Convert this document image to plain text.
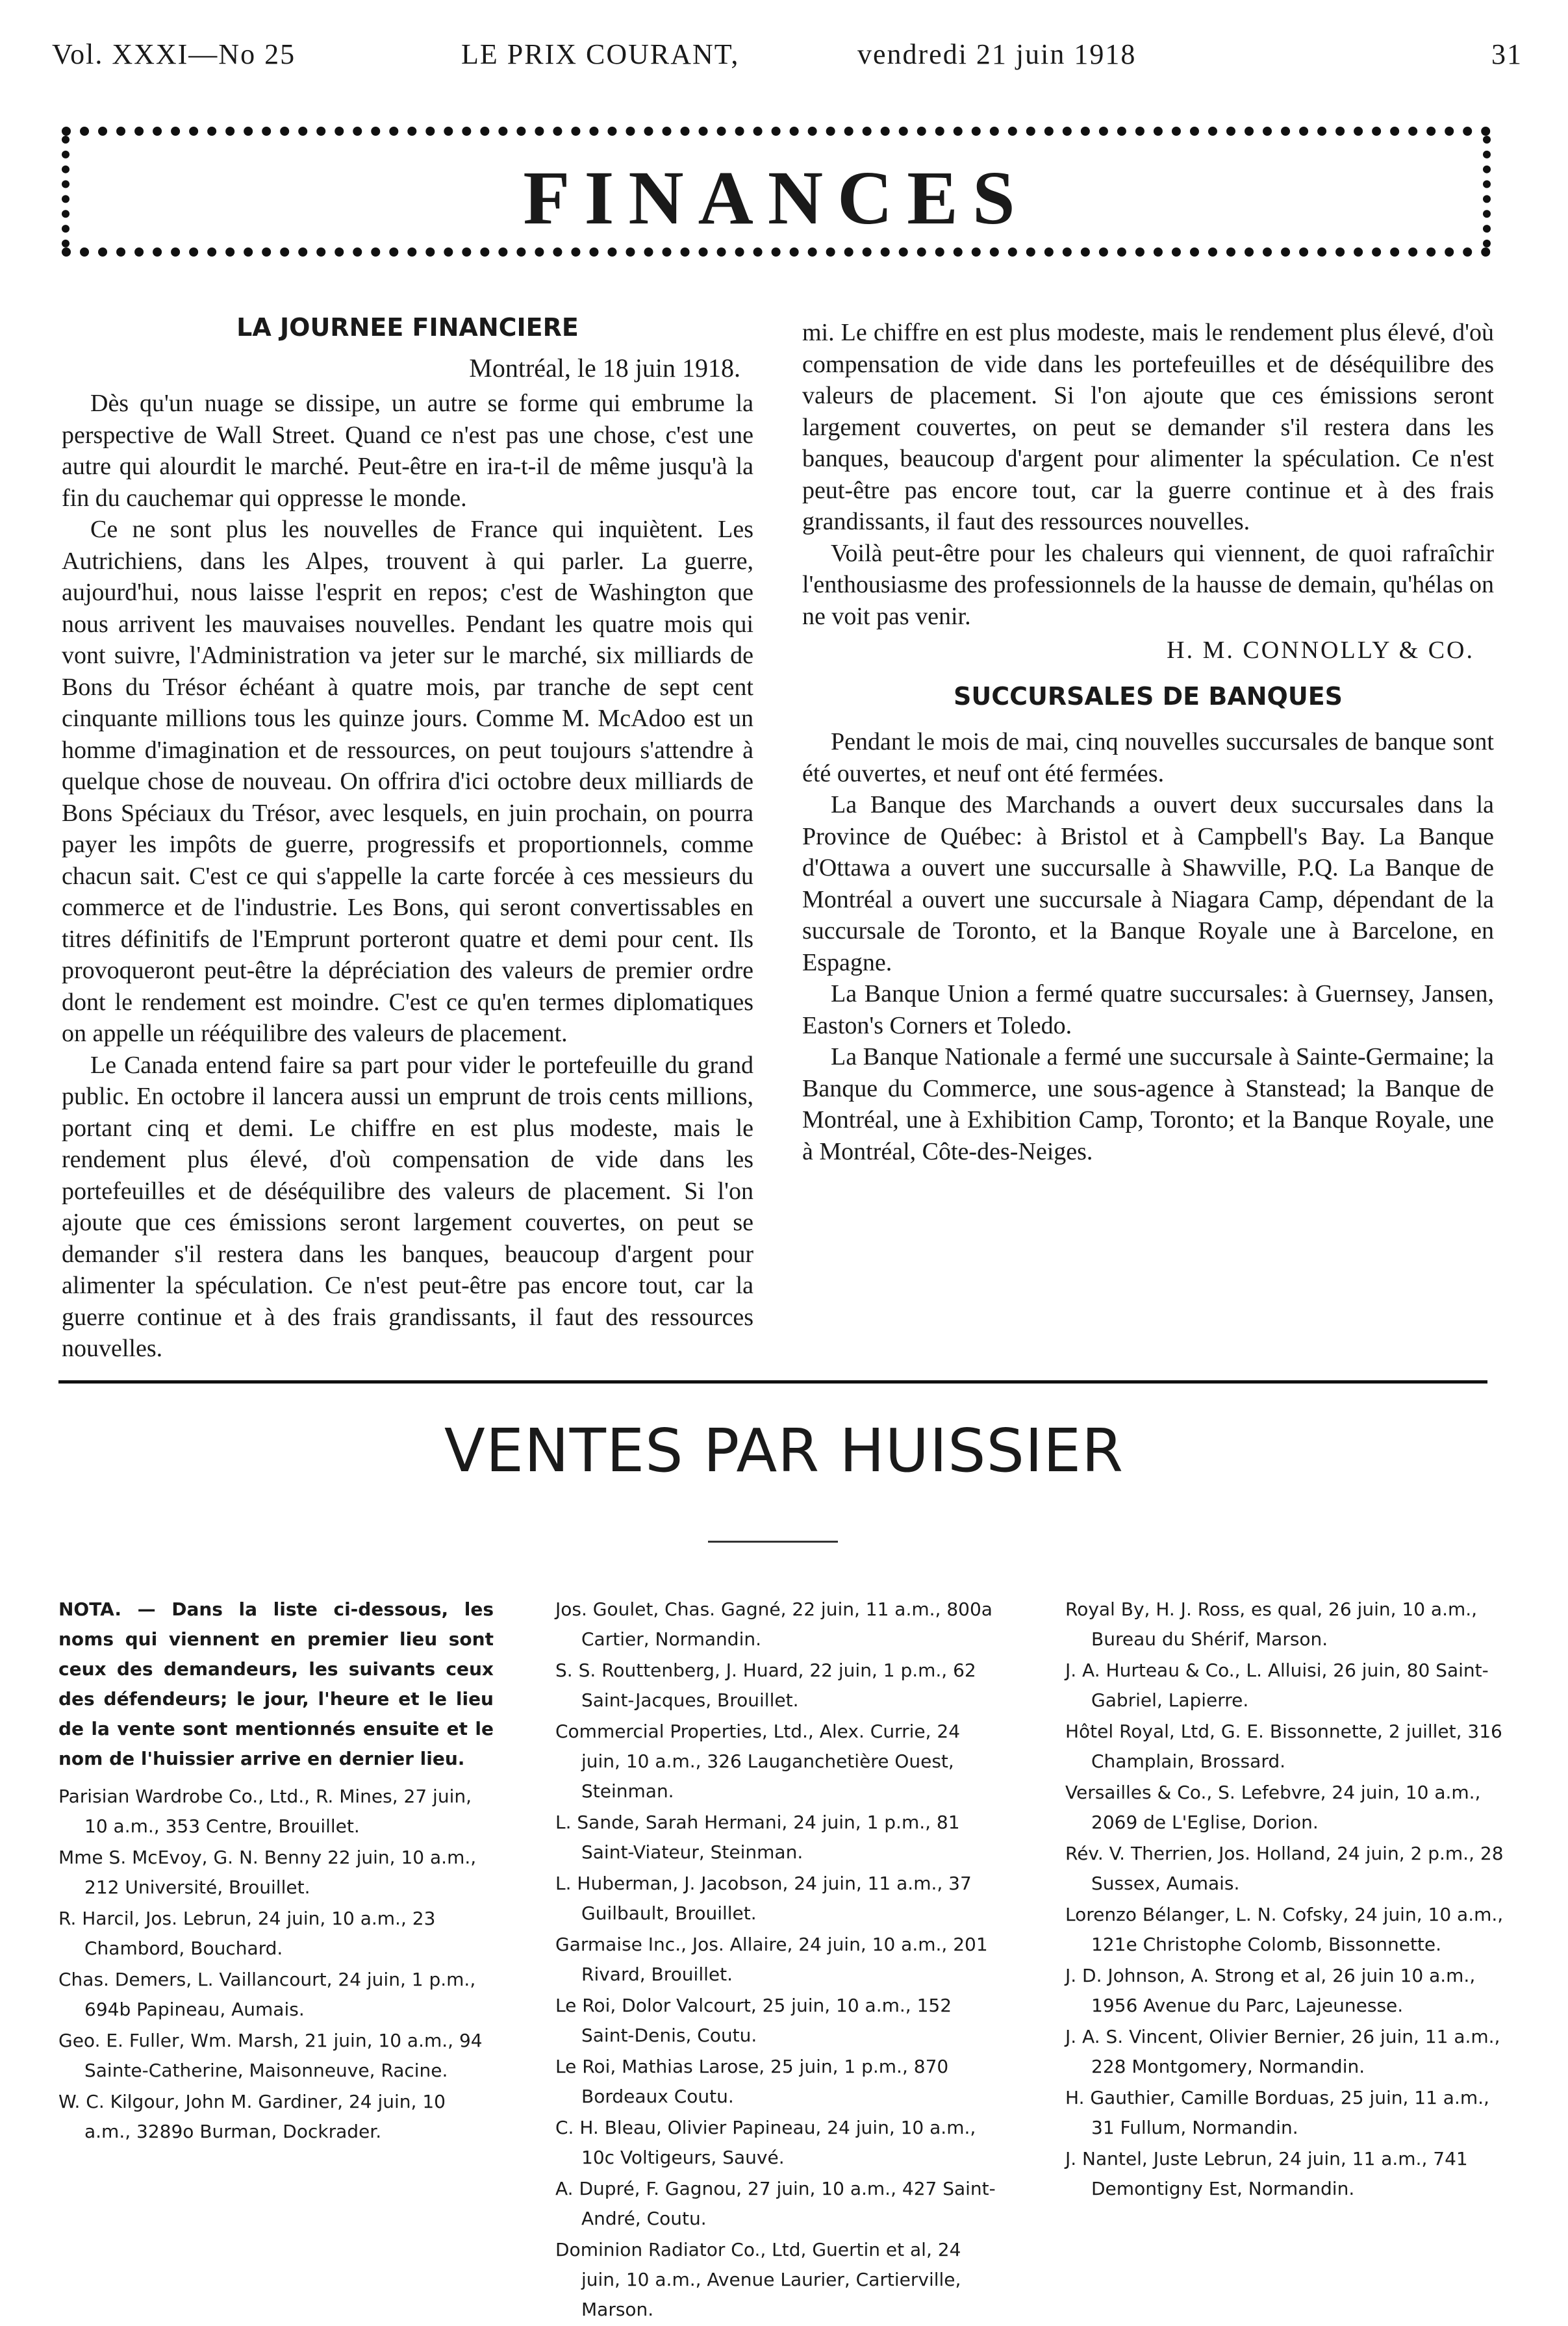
Vol. XXXI—No 25	LE PRIX COURANT,	vendredi 21 juin 1918	31
FINANCES
LA JOURNEE FINANCIERE
Montréal, le 18 juin 1918.

Dès qu'un nuage se dissipe, un autre se forme qui embrume la perspective de Wall Street. Quand ce n'est pas une chose, c'est une autre qui alourdit le marché. Peut-être en ira-t-il de même jusqu'à la fin du cauchemar qui oppresse le monde.

Ce ne sont plus les nouvelles de France qui inquiètent. Les Autrichiens, dans les Alpes, trouvent à qui parler. La guerre, aujourd'hui, nous laisse l'esprit en repos; c'est de Washington que nous arrivent les mauvaises nouvelles. Pendant les quatre mois qui vont suivre, l'Administration va jeter sur le marché, six milliards de Bons du Trésor échéant à quatre mois, par tranche de sept cent cinquante millions tous les quinze jours. Comme M. McAdoo est un homme d'imagination et de ressources, on peut toujours s'attendre à quelque chose de nouveau. On offrira d'ici octobre deux milliards de Bons Spéciaux du Trésor, avec lesquels, en juin prochain, on pourra payer les impôts de guerre, progressifs et proportionnels, comme chacun sait. C'est ce qui s'appelle la carte forcée à ces messieurs du commerce et de l'industrie. Les Bons, qui seront convertissables en titres définitifs de l'Emprunt porteront quatre et demi pour cent. Ils provoqueront peut-être la dépréciation des valeurs de premier ordre dont le rendement est moindre. C'est ce qu'en termes diplomatiques on appelle un rééquilibre des valeurs de placement.

Le Canada entend faire sa part pour vider le portefeuille du grand public. En octobre il lancera aussi un emprunt de trois cents millions, portant cinq et demi. Le chiffre en est plus modeste, mais le rendement plus élevé, d'où compensation de vide dans les portefeuilles et de déséquilibre des valeurs de placement. Si l'on ajoute que ces émissions seront largement couvertes, on peut se demander s'il restera dans les banques, beaucoup d'argent pour alimenter la spéculation. Ce n'est peut-être pas encore tout, car la guerre continue et à des frais grandissants, il faut des ressources nouvelles.

mi. Le chiffre en est plus modeste, mais le rendement plus élevé, d'où compensation de vide dans les portefeuilles et de déséquilibre des valeurs de placement. Si l'on ajoute que ces émissions seront largement couvertes, on peut se demander s'il restera dans les banques, beaucoup d'argent pour alimenter la spéculation. Ce n'est peut-être pas encore tout, car la guerre continue et à des frais grandissants, il faut des ressources nouvelles.

Voilà peut-être pour les chaleurs qui viennent, de quoi rafraîchir l'enthousiasme des professionnels de la hausse de demain, qu'hélas on ne voit pas venir.

H. M. CONNOLLY & CO.
SUCCURSALES DE BANQUES

Pendant le mois de mai, cinq nouvelles succursales de banque sont été ouvertes, et neuf ont été fermées.

La Banque des Marchands a ouvert deux succursales dans la Province de Québec: à Bristol et à Campbell's Bay. La Banque d'Ottawa a ouvert une succursalle à Shawville, P.Q. La Banque de Montréal a ouvert une succursale à Niagara Camp, dépendant de la succursale de Toronto, et la Banque Royale une à Barcelone, en Espagne.

La Banque Union a fermé quatre succursales: à Guernsey, Jansen, Easton's Corners et Toledo.

La Banque Nationale a fermé une succursale à Sainte-Germaine; la Banque du Commerce, une sous-agence à Stanstead; la Banque de Montréal, une à Exhibition Camp, Toronto; et la Banque Royale, une à Montréal, Côte-des-Neiges.

VENTES PAR HUISSIER
NOTA. — Dans la liste ci-dessous, les noms qui viennent en premier lieu sont ceux des demandeurs, les suivants ceux des défendeurs; le jour, l'heure et le lieu de la vente sont mentionnés ensuite et le nom de l'huissier arrive en dernier lieu.
Parisian Wardrobe Co., Ltd., R. Mines, 27 juin, 10 a.m., 353 Centre, Brouillet.
Mme S. McEvoy, G. N. Benny 22 juin, 10 a.m., 212 Université, Brouillet.
R. Harcil, Jos. Lebrun, 24 juin, 10 a.m., 23 Chambord, Bouchard.
Chas. Demers, L. Vaillancourt, 24 juin, 1 p.m., 694b Papineau, Aumais.
Geo. E. Fuller, Wm. Marsh, 21 juin, 10 a.m., 94 Sainte-Catherine, Maisonneuve, Racine.
W. C. Kilgour, John M. Gardiner, 24 juin, 10 a.m., 3289o Burman, Dockrader.
Jos. Goulet, Chas. Gagné, 22 juin, 11 a.m., 800a Cartier, Normandin.
S. S. Routtenberg, J. Huard, 22 juin, 1 p.m., 62 Saint-Jacques, Brouillet.
Commercial Properties, Ltd., Alex. Currie, 24 juin, 10 a.m., 326 Lauganchetière Ouest, Steinman.
L. Sande, Sarah Hermani, 24 juin, 1 p.m., 81 Saint-Viateur, Steinman.
L. Huberman, J. Jacobson, 24 juin, 11 a.m., 37 Guilbault, Brouillet.
Garmaise Inc., Jos. Allaire, 24 juin, 10 a.m., 201 Rivard, Brouillet.
Le Roi, Dolor Valcourt, 25 juin, 10 a.m., 152 Saint-Denis, Coutu.
Le Roi, Mathias Larose, 25 juin, 1 p.m., 870 Bordeaux Coutu.
C. H. Bleau, Olivier Papineau, 24 juin, 10 a.m., 10c Voltigeurs, Sauvé.
A. Dupré, F. Gagnou, 27 juin, 10 a.m., 427 Saint-André, Coutu.
Dominion Radiator Co., Ltd, Guertin et al, 24 juin, 10 a.m., Avenue Laurier, Cartierville, Marson.
Royal By, H. J. Ross, es qual, 26 juin, 10 a.m., Bureau du Shérif, Marson.
J. A. Hurteau & Co., L. Alluisi, 26 juin, 80 Saint-Gabriel, Lapierre.
Hôtel Royal, Ltd, G. E. Bissonnette, 2 juillet, 316 Champlain, Brossard.
Versailles & Co., S. Lefebvre, 24 juin, 10 a.m., 2069 de L'Eglise, Dorion.
Rév. V. Therrien, Jos. Holland, 24 juin, 2 p.m., 28 Sussex, Aumais.
Lorenzo Bélanger, L. N. Cofsky, 24 juin, 10 a.m., 121e Christophe Colomb, Bissonnette.
J. D. Johnson, A. Strong et al, 26 juin 10 a.m., 1956 Avenue du Parc, Lajeunesse.
J. A. S. Vincent, Olivier Bernier, 26 juin, 11 a.m., 228 Montgomery, Normandin.
H. Gauthier, Camille Borduas, 25 juin, 11 a.m., 31 Fullum, Normandin.
J. Nantel, Juste Lebrun, 24 juin, 11 a.m., 741 Demontigny Est, Normandin.
